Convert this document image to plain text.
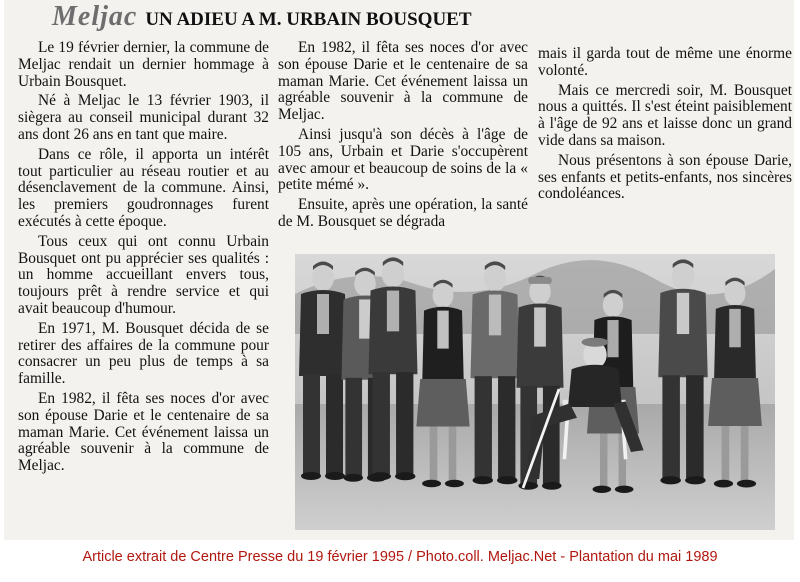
Meljac UN ADIEU A M. URBAIN BOUSQUET

Le 19 février dernier, la commune de Meljac rendait un dernier hommage à Urbain Bousquet.

Né à Meljac le 13 février 1903, il siègera au conseil municipal durant 32 ans dont 26 ans en tant que maire.

Dans ce rôle, il apporta un intérêt tout particulier au réseau routier et au désenclavement de la commune. Ainsi, les premiers goudronnages furent exécutés à cette époque.

Tous ceux qui ont connu Urbain Bousquet ont pu apprécier ses qualités : un homme accueillant envers tous, toujours prêt à rendre service et qui avait beaucoup d'humour.

En 1971, M. Bousquet décida de se retirer des affaires de la commune pour consacrer un peu plus de temps à sa famille.

En 1982, il fêta ses noces d'or avec son épouse Darie et le centenaire de sa maman Marie. Cet événement laissa un agréable souvenir à la commune de Meljac.

En 1982, il fêta ses noces d'or avec son épouse Darie et le centenaire de sa maman Marie. Cet événement laissa un agréable souvenir à la commune de Meljac.

Ainsi jusqu'à son décès à l'âge de 105 ans, Urbain et Darie s'occupèrent avec amour et beaucoup de soins de la « petite mémé ».

Ensuite, après une opération, la santé de M. Bousquet se dégrada

mais il garda tout de même une énorme volonté.

Mais ce mercredi soir, M. Bousquet nous a quittés. Il s'est éteint paisiblement à l'âge de 92 ans et laisse donc un grand vide dans sa maison.

Nous présentons à son épouse Darie, ses enfants et petits-enfants, nos sincères condoléances.

Article extrait de Centre Presse du 19 février 1995 / Photo.coll. Meljac.Net - Plantation du mai 1989
